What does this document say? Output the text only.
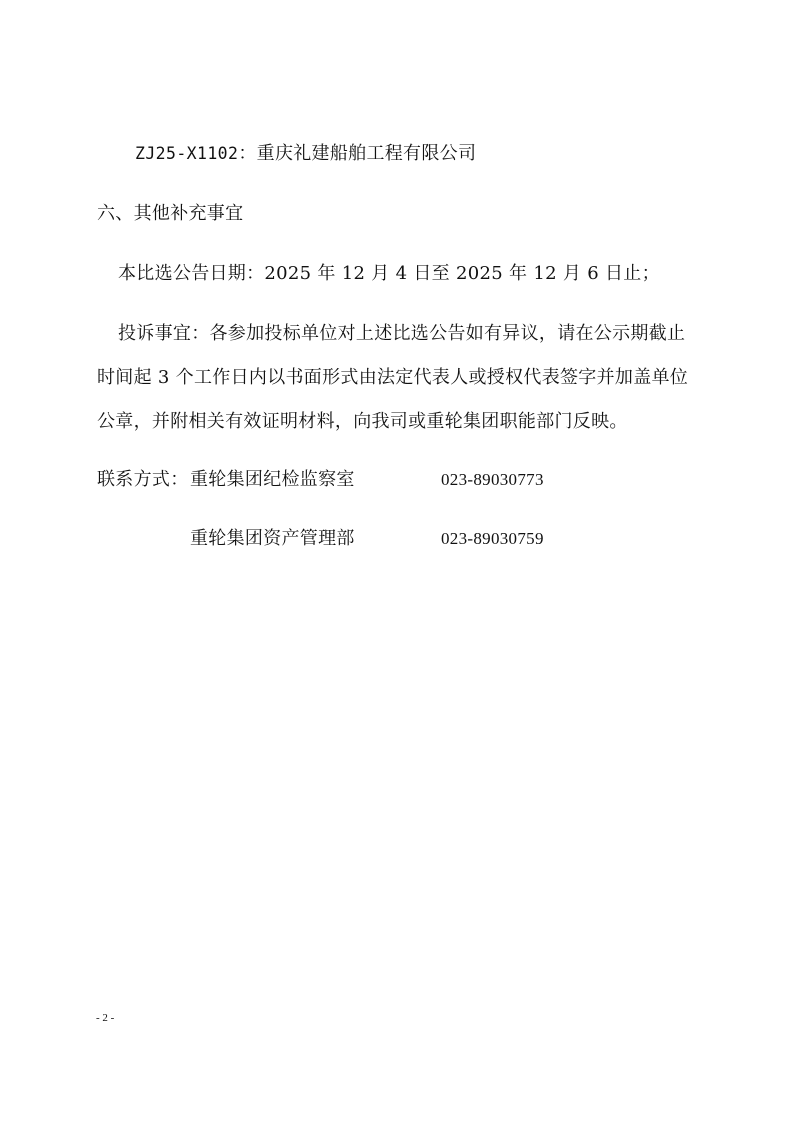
ZJ25-X1102：重庆礼建船舶工程有限公司
六、其他补充事宜
本比选公告日期：2025 年 12 月 4 日至 2025 年 12 月 6 日止；
投诉事宜：各参加投标单位对上述比选公告如有异议，请在公示期截止
时间起 3 个工作日内以书面形式由法定代表人或授权代表签字并加盖单位
公章，并附相关有效证明材料，向我司或重轮集团职能部门反映。
联系方式： 重轮集团纪检监察室	023-89030773
重轮集团资产管理部	023-89030759
- 2 -
